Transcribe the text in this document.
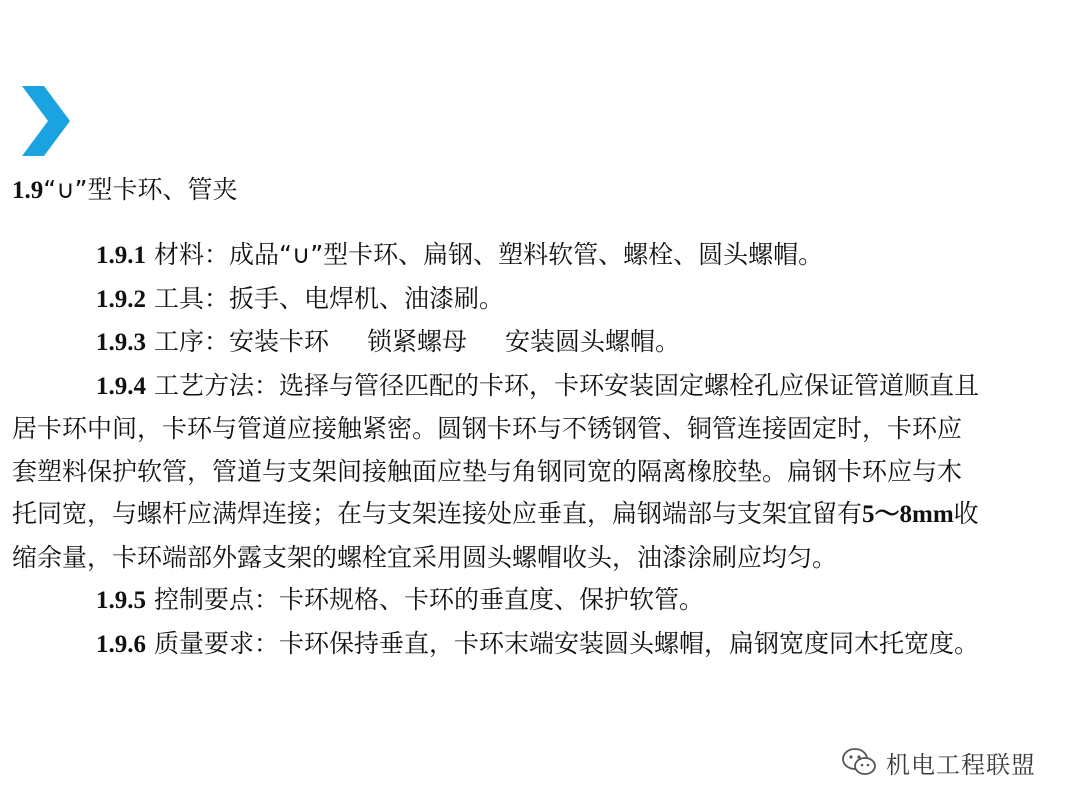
1.9“∪”型卡环、管夹

1.9.1 材料：成品“∪”型卡环、扁钢、塑料软管、螺栓、圆头螺帽。

1.9.2 工具：扳手、电焊机、油漆刷。

1.9.3 工序：安装卡环 锁紧螺母 安装圆头螺帽。

1.9.4 工艺方法：选择与管径匹配的卡环，卡环安装固定螺栓孔应保证管道顺直且
居卡环中间，卡环与管道应接触紧密。圆钢卡环与不锈钢管、铜管连接固定时，卡环应
套塑料保护软管，管道与支架间接触面应垫与角钢同宽的隔离橡胶垫。扁钢卡环应与木
托同宽，与螺杆应满焊连接；在与支架连接处应垂直，扁钢端部与支架宜留有5～8mm收
缩余量，卡环端部外露支架的螺栓宜采用圆头螺帽收头，油漆涂刷应均匀。

1.9.5 控制要点：卡环规格、卡环的垂直度、保护软管。

1.9.6 质量要求：卡环保持垂直，卡环末端安装圆头螺帽，扁钢宽度同木托宽度。

机电工程联盟
